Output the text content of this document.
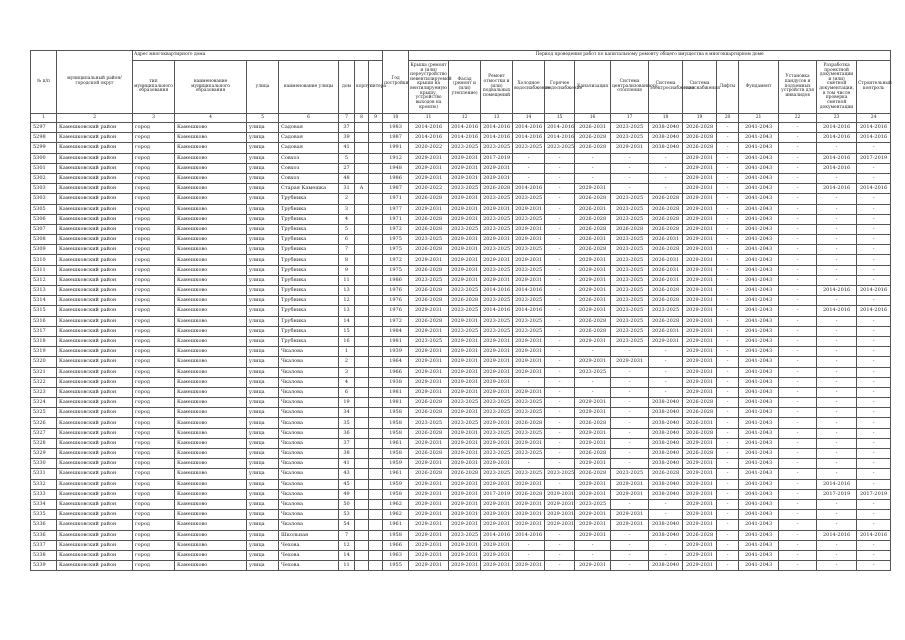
№ п/п	муниципальный район/городской округ	Адрес многоквартирного дома							Год постройки	Период проведения работ по капитальному ремонту общего имущества в многоквартирном доме													
		тип муниципального образования	наименование муниципального образования	улица	наименование улицы	дом	корпус	литера		Крыша (ремонт и (или) переустройство невентилируемой крыши на вентилируемую крышу, устройство выходов на кровлю)	Фасад (ремонт и (или) утепление)	Ремонт отмостки и (или) подвальных помещений	Холодное водоснабжение	Горячее водоснабжение	Канализация	Система централизованного отопления	Система электроснабжения	Система газоснабжения	Лифты	Фундамент	Установка пандусов и подъемных устройств для инвалидов	Разработка проектной документации и (или) сметной документации, в том числе проверка сметной документации	Строительный контроль
1	2	3	4	5	6	7	8	9	10	11	12	13	14	15	16	17	18	19	20	21	22	23	24
5297	Камешковский район	город	Камешково	улица	Садовая	37			1983	2014-2016	2014-2016	2014-2016	2014-2016	2014-2016	2026-2031	2023-2025	2038-2040	2026-2028	-	2041-2043	-	2014-2016	2014-2016
5298	Камешковский район	город	Камешково	улица	Садовая	39			1987	2014-2016	2014-2016	2014-2016	2014-2016	2014-2016	2026-2028	2023-2025	2038-2040	2026-2028	-	2041-2043	-	2014-2016	2014-2016
5299	Камешковский район	город	Камешково	улица	Садовая	41			1991	2020-2022	2023-2025	2023-2025	2023-2025	2023-2025	2026-2028	2029-2031	2038-2040	2026-2028	-	2041-2043	-	-	-
5300	Камешковский район	город	Камешково	улица	Совхоз	5			1912	2029-2031	2029-2031	2017-2019	-	-	-	-	-	2029-2031	-	2041-2043	-	2014-2016	2017-2019
5301	Камешковский район	город	Камешково	улица	Совхоз	27			1948	2029-2031	2029-2031	2029-2031	-	-	-	-	-	2029-2031	-	2041-2043	-	2014-2016	-
5302	Камешковский район	город	Камешково	улица	Совхоз	48			1986	2029-2031	2029-2031	2029-2031	-	-	-	-	-	2029-2031	-	2041-2043	-	-	-
5303	Камешковский район	город	Камешково	улица	Старая Камешка	31	А		1987	2020-2022	2023-2025	2026-2028	2014-2016	-	2029-2031	-	-	2029-2031	-	2041-2043	-	2014-2016	2014-2016
5303	Камешковский район	город	Камешково	улица	Трубника	2			1971	2026-2028	2029-2031	2023-2025	2023-2025	-	2026-2028	2023-2025	2026-2028	2029-2031	-	2041-2043	-	-	-
5305	Камешковский район	город	Камешково	улица	Трубника	3			1977	2029-2031	2029-2031	2029-2031	2029-2031	-	2026-2031	2023-2025	2026-2028	2029-2031	-	2041-2043	-	-	-
5306	Камешковский район	город	Камешково	улица	Трубника	4			1971	2026-2028	2029-2031	2023-2025	2023-2025	-	2026-2028	2023-2025	2026-2028	2029-2031	-	2041-2043	-	-	-
5307	Камешковский район	город	Камешково	улица	Трубника	5			1972	2026-2028	2023-2025	2023-2025	2029-2031	-	2026-2028	2026-2028	2026-2028	2029-2031	-	2041-2043	-	-	-
5308	Камешковский район	город	Камешково	улица	Трубника	6			1975	2023-2025	2029-2031	2029-2031	2029-2031	-	2026-2031	2023-2025	2026-2031	2029-2031	-	2041-2043	-	-	-
5309	Камешковский район	город	Камешково	улица	Трубника	7			1975	2026-2028	2029-2031	2023-2025	2023-2025	-	2026-2028	2023-2025	2026-2028	2029-2031	-	2041-2043	-	-	-
5310	Камешковский район	город	Камешково	улица	Трубника	8			1972	2029-2031	2029-2031	2029-2031	2029-2031	-	2029-2031	2023-2025	2026-2031	2029-2031	-	2041-2043	-	-	-
5311	Камешковский район	город	Камешково	улица	Трубника	9			1975	2026-2028	2029-2031	2023-2025	2023-2025	-	2029-2031	2023-2025	2026-2031	2029-2031	-	2041-2043	-	-	-
5312	Камешковский район	город	Камешково	улица	Трубника	11			1986	2023-2025	2029-2031	2029-2031	2029-2031	-	2029-2031	2023-2025	2026-2031	2029-2031	-	2041-2043	-	-	-
5313	Камешковский район	город	Камешково	улица	Трубника	13			1976	2026-2028	2023-2025	2014-2016	2014-2016	-	2029-2031	2023-2025	2026-2028	2029-2031	-	2041-2043	-	2014-2016	2014-2016
5314	Камешковский район	город	Камешково	улица	Трубника	12			1976	2026-2028	2026-2028	2023-2025	2023-2025	-	2026-2031	2023-2025	2026-2028	2029-2031	-	2041-2043	-	-	-
5315	Камешковский район	город	Камешково	улица	Трубника	13			1976	2029-2031	2023-2025	2014-2016	2014-2016	-	2029-2031	2023-2025	2023-2025	2029-2031	-	2041-2043	-	2014-2016	2014-2016
5316	Камешковский район	город	Камешково	улица	Трубника	14			1972	2026-2028	2029-2031	2023-2025	2023-2025	-	2026-2028	2023-2025	2026-2028	2029-2031	-	2041-2043	-	-	-
5317	Камешковский район	город	Камешково	улица	Трубника	15			1984	2029-2031	2023-2025	2023-2025	2023-2025	-	2026-2028	2023-2025	2026-2031	2029-2031	-	2041-2043	-	-	-
5318	Камешковский район	город	Камешково	улица	Трубника	16			1981	2023-2025	2029-2031	2029-2031	2029-2031	-	2029-2031	2023-2025	2029-2031	2029-2031	-	2041-2043	-	-	-
5319	Камешковский район	город	Камешково	улица	Чкалова	1			1939	2029-2031	2029-2031	2029-2031	2029-2031	-	-	-	-	2029-2031	-	2041-2043	-	-	-
5320	Камешковский район	город	Камешково	улица	Чкалова	2			1964	2029-2031	2029-2031	2029-2031	2029-2031	-	2029-2031	2029-2031	-	2029-2031	-	2041-2043	-	-	-
5321	Камешковский район	город	Камешково	улица	Чкалова	3			1966	2029-2031	2029-2031	2029-2031	2029-2031	-	2023-2025	-	-	2029-2031	-	2041-2043	-	-	-
5322	Камешковский район	город	Камешково	улица	Чкалова	4			1938	2029-2031	2029-2031	2029-2031	-	-	-	-	-	2029-2031	-	2041-2043	-	-	-
5323	Камешковский район	город	Камешково	улица	Чкалова	6			1981	2029-2031	2029-2031	2029-2031	2029-2031	-	-	-	-	2029-2031	-	2041-2043	-	-	-
5324	Камешковский район	город	Камешково	улица	Чкалова	19			1981	2026-2028	2023-2025	2023-2025	2023-2025	-	2029-2031	-	2038-2040	2026-2028	-	2041-2043	-	-	-
5325	Камешковский район	город	Камешково	улица	Чкалова	34			1958	2026-2028	2029-2031	2023-2025	2023-2025	-	2029-2031	-	2038-2040	2026-2028	-	2041-2043	-	-	-
5326	Камешковский район	город	Камешково	улица	Чкалова	35			1958	2023-2025	2023-2025	2029-2031	2026-2028	-	2026-2028	-	2038-2040	2026-2031	-	2041-2043	-	-	-
5327	Камешковский район	город	Камешково	улица	Чкалова	36			1958	2026-2028	2029-2031	2023-2025	2023-2025	-	2029-2031	-	2038-2040	2026-2028	-	2041-2043	-	-	-
5328	Камешковский район	город	Камешково	улица	Чкалова	37			1961	2029-2031	2029-2031	2029-2031	2029-2031	-	2029-2031	-	2038-2040	2029-2031	-	2041-2043	-	-	-
5329	Камешковский район	город	Камешково	улица	Чкалова	38			1958	2026-2028	2029-2031	2023-2025	2023-2025	-	2026-2028	-	2038-2040	2026-2028	-	2041-2043	-	-	-
5330	Камешковский район	город	Камешково	улица	Чкалова	41			1959	2029-2031	2029-2031	2029-2031	-	-	2029-2031	-	2038-2040	2029-2031	-	2041-2043	-	-	-
5331	Камешковский район	город	Камешково	улица	Чкалова	43			1961	2026-2028	2026-2028	2023-2025	2023-2025	2023-2025	2026-2028	2023-2025	2026-2028	2029-2031	-	2041-2043	-	-	-
5332	Камешковский район	город	Камешково	улица	Чкалова	45			1959	2029-2031	2029-2031	2029-2031	2029-2031	-	2029-2031	2029-2031	2038-2040	2029-2031	-	2041-2043	-	2014-2016	-
5333	Камешковский район	город	Камешково	улица	Чкалова	49			1958	2029-2031	2029-2031	2017-2019	2026-2028	2029-2031	2029-2031	2029-2031	2038-2040	2029-2031	-	2041-2043	-	2017-2019	2017-2019
5334	Камешковский район	город	Камешково	улица	Чкалова	50			1962	2029-2031	2029-2031	2029-2031	2029-2031	2029-2031	2023-2025	-	-	2029-2031	-	2041-2043	-	-	-
5335	Камешковский район	город	Камешково	улица	Чкалова	53			1962	2029-2031	2029-2031	2029-2031	2029-2031	2029-2031	2029-2031	2029-2031	-	2029-2031	-	2041-2043	-	-	-
5336	Камешковский район	город	Камешково	улица	Чкалова	54			1961	2029-2031	2029-2031	2029-2031	2029-2031	2029-2031	2029-2031	2029-2031	2038-2040	2029-2031	-	2041-2043	-	-	-
5336	Камешковский район	город	Камешково	улица	Школьная	7			1958	2029-2031	2023-2025	2014-2016	2014-2016	-	2029-2031	-	2038-2040	2026-2028	-	2041-2043	-	2014-2016	2014-2016
5337	Камешковский район	город	Камешково	улица	Чехова	12			1966	2029-2031	2029-2031	2029-2031	-	-	-	-	-	2029-2031	-	2041-2043	-	-	-
5338	Камешковский район	город	Камешково	улица	Чехова	14			1963	2029-2031	2029-2031	2029-2031	-	-	-	-	-	2029-2031	-	2041-2043	-	-	-
5339	Камешковский район	город	Камешково	улица	Чехова	11			1955	2029-2031	2029-2031	2029-2031	2029-2031	-	2029-2031	-	2038-2040	2029-2031	-	2041-2043	-	-	-
